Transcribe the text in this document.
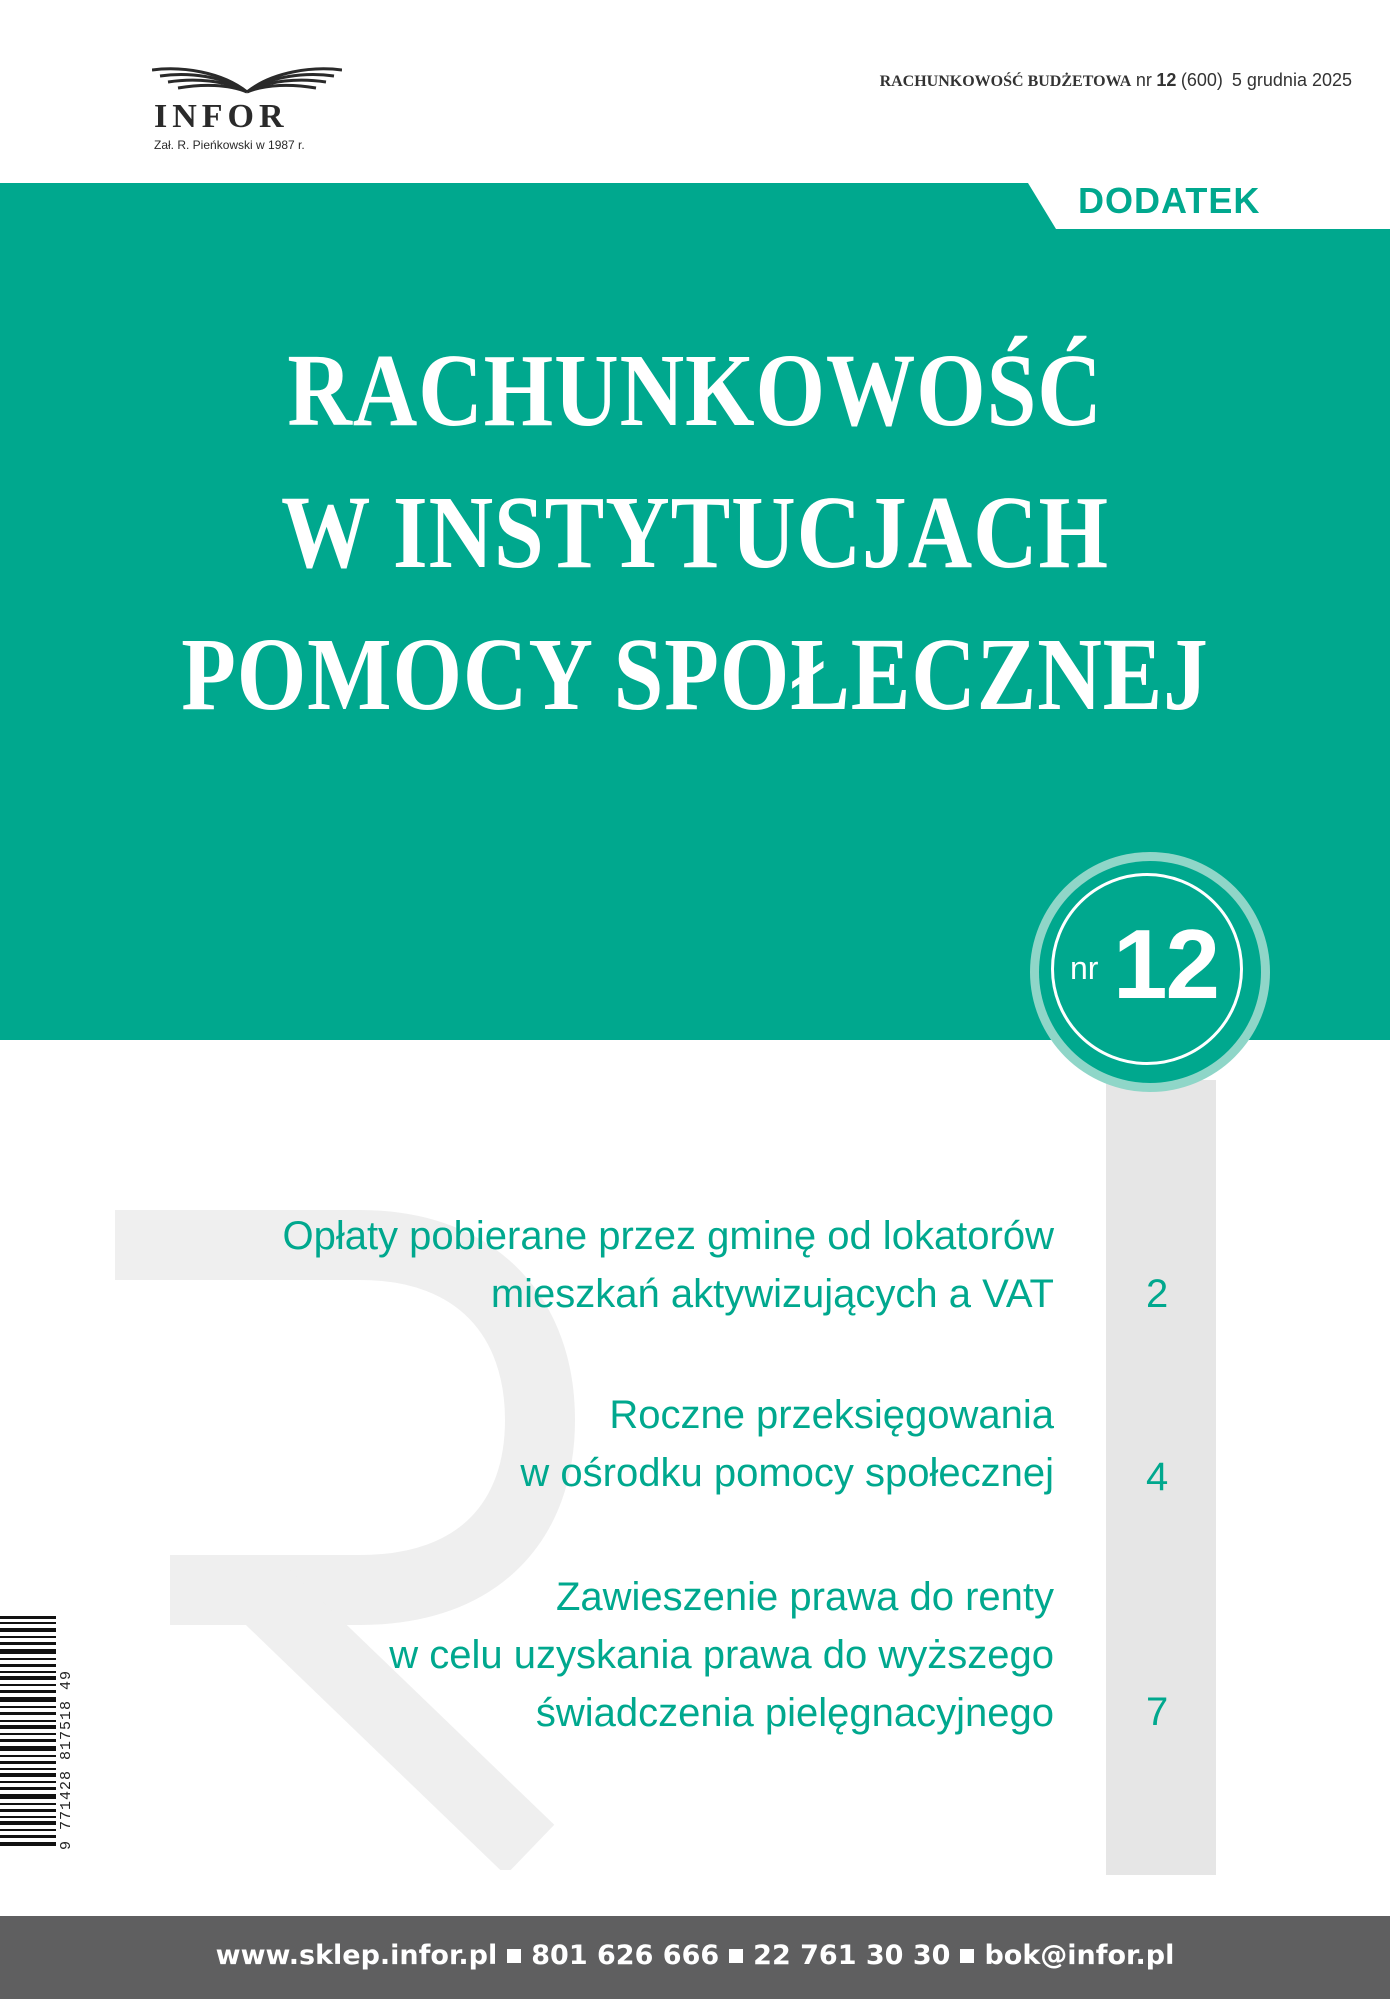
INFOR
Zał. R. Pieńkowski w 1987 r.
RACHUNKOWOŚĆ BUDŻETOWA nr 12 (600) 5 grudnia 2025
DODATEK
RACHUNKOWOŚĆ
W INSTYTUCJACH
POMOCY SPOŁECZNEJ
nr 12
Opłaty pobierane przez gminę od lokatorów
mieszkań aktywizujących a VAT 2
Roczne przeksięgowania
w ośrodku pomocy społecznej 4
Zawieszenie prawa do renty
w celu uzyskania prawa do wyższego
świadczenia pielęgnacyjnego 7
9 771428 817518 49
www.sklep.infor.pl 801 626 666 22 761 30 30 bok@infor.pl
